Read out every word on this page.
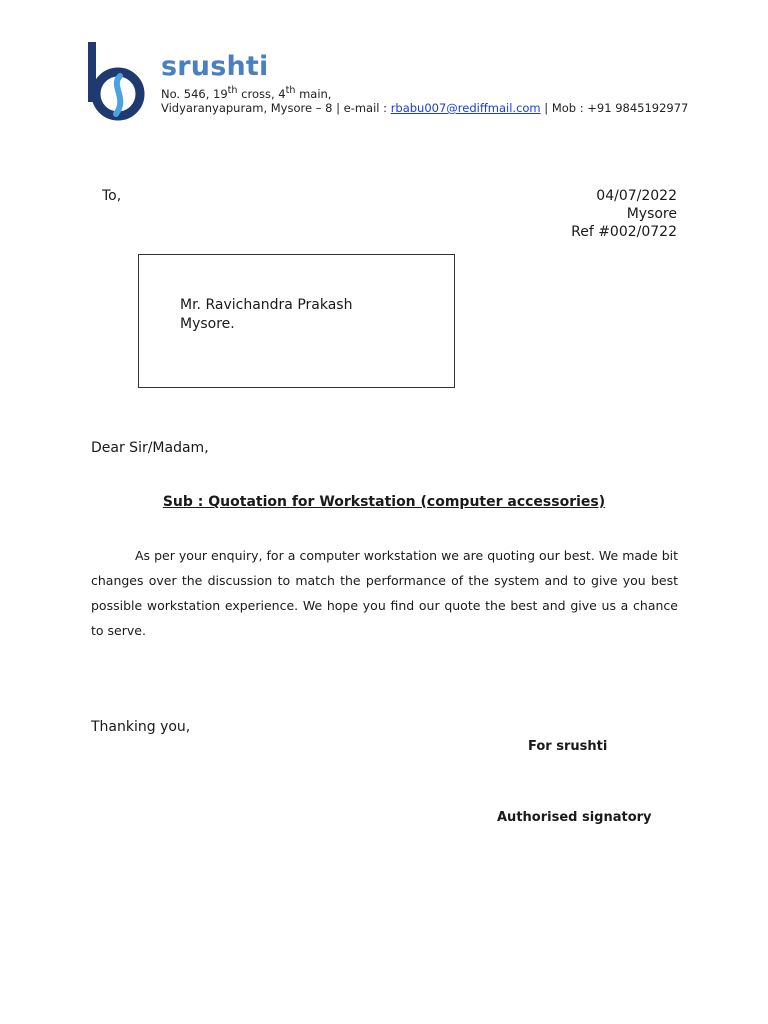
srushti
No. 546, 19th cross, 4th main,
Vidyaranyapuram, Mysore – 8 | e-mail : rbabu007@rediffmail.com | Mob : +91 9845192977
To,	04/07/2022
Mysore
Ref #002/0722
Mr. Ravichandra Prakash
Mysore.
Dear Sir/Madam,
Sub : Quotation for Workstation (computer accessories)
As per your enquiry, for a computer workstation we are quoting our best. We made bit changes over the discussion to match the performance of the system and to give you best possible workstation experience. We hope you find our quote the best and give us a chance to serve.
Thanking you,
For srushti
Authorised signatory
